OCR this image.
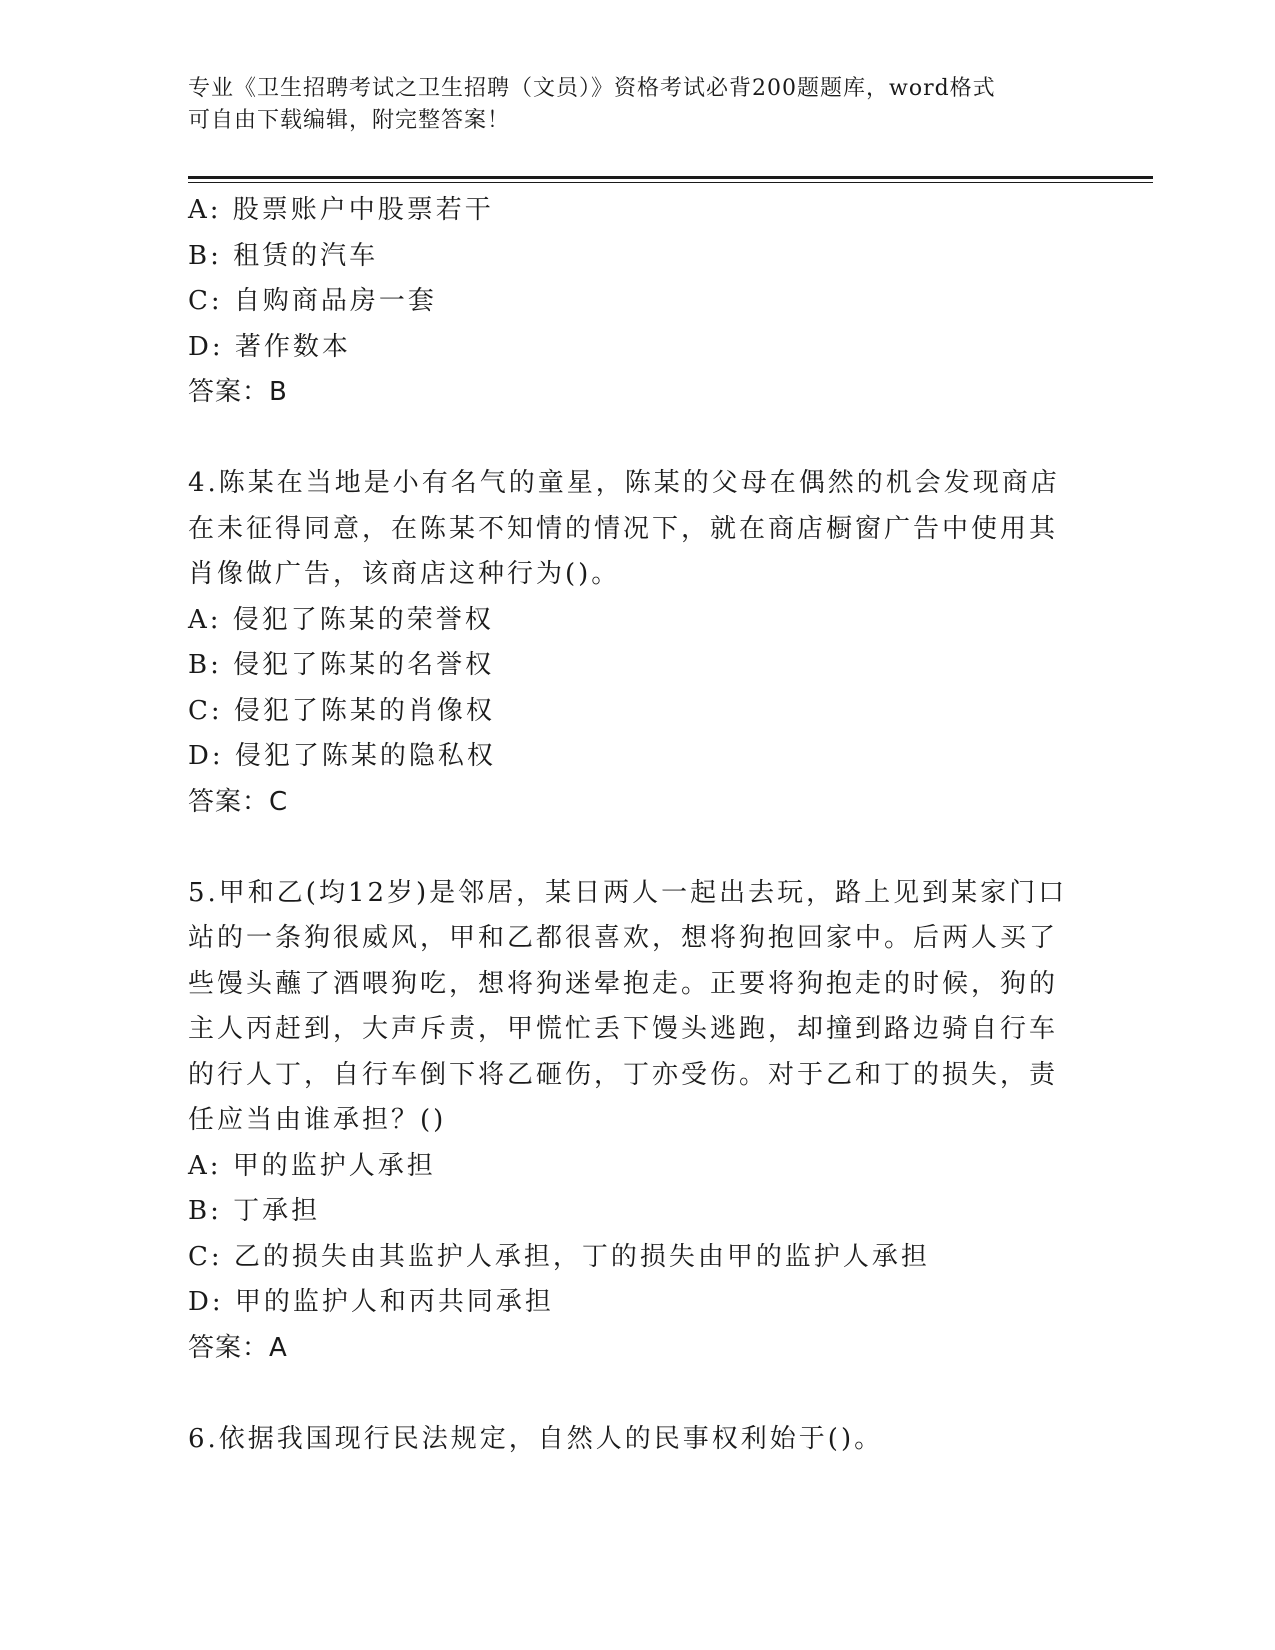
专业《卫生招聘考试之卫生招聘（文员）》资格考试必背200题题库，word格式
可自由下载编辑，附完整答案！

A: 股票账户中股票若干

B: 租赁的汽车

C: 自购商品房一套

D: 著作数本

答案：B

4.陈某在当地是小有名气的童星，陈某的父母在偶然的机会发现商店

在未征得同意，在陈某不知情的情况下，就在商店橱窗广告中使用其

肖像做广告，该商店这种行为()。

A: 侵犯了陈某的荣誉权

B: 侵犯了陈某的名誉权

C: 侵犯了陈某的肖像权

D: 侵犯了陈某的隐私权

答案：C

5.甲和乙(均12岁)是邻居，某日两人一起出去玩，路上见到某家门口

站的一条狗很威风，甲和乙都很喜欢，想将狗抱回家中。后两人买了

些馒头蘸了酒喂狗吃，想将狗迷晕抱走。正要将狗抱走的时候，狗的

主人丙赶到，大声斥责，甲慌忙丢下馒头逃跑，却撞到路边骑自行车

的行人丁，自行车倒下将乙砸伤，丁亦受伤。对于乙和丁的损失，责

任应当由谁承担？()

A: 甲的监护人承担

B: 丁承担

C: 乙的损失由其监护人承担，丁的损失由甲的监护人承担

D: 甲的监护人和丙共同承担

答案：A

6.依据我国现行民法规定，自然人的民事权利始于()。
